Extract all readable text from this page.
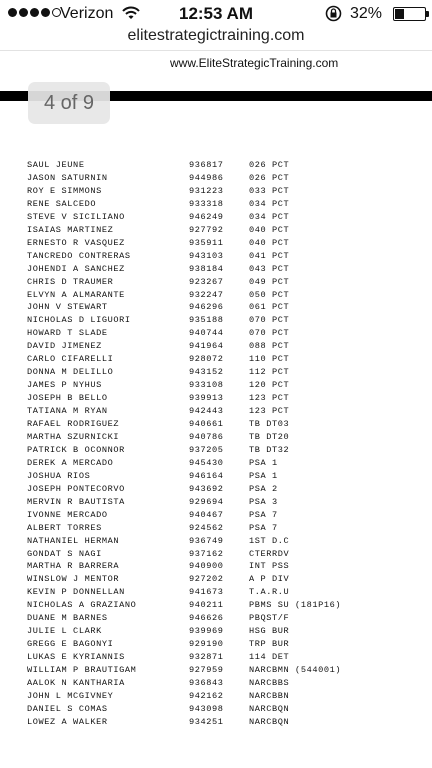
Verizon	12:53 AM	32%
elitestrategictraining.com
www.EliteStrategicTraining.com
4 of 9
SAUL JEUNE	936817	026 PCT
JASON SATURNIN	944986	026 PCT
ROY E SIMMONS	931223	033 PCT
RENE SALCEDO	933318	034 PCT
STEVE V SICILIANO	946249	034 PCT
ISAIAS MARTINEZ	927792	040 PCT
ERNESTO R VASQUEZ	935911	040 PCT
TANCREDO CONTRERAS	943103	041 PCT
JOHENDI A SANCHEZ	938184	043 PCT
CHRIS D TRAUMER	923267	049 PCT
ELVYN A ALMARANTE	932247	050 PCT
JOHN V STEWART	946296	061 PCT
NICHOLAS D LIGUORI	935188	070 PCT
HOWARD T SLADE	940744	070 PCT
DAVID JIMENEZ	941964	088 PCT
CARLO CIFARELLI	928072	110 PCT
DONNA M DELILLO	943152	112 PCT
JAMES P NYHUS	933108	120 PCT
JOSEPH B BELLO	939913	123 PCT
TATIANA M RYAN	942443	123 PCT
RAFAEL RODRIGUEZ	940661	TB DT03
MARTHA SZURNICKI	940786	TB DT20
PATRICK B OCONNOR	937205	TB DT32
DEREK A MERCADO	945430	PSA 1
JOSHUA RIOS	946164	PSA 1
JOSEPH PONTECORVO	943692	PSA 2
MERVIN R BAUTISTA	929694	PSA 3
IVONNE MERCADO	940467	PSA 7
ALBERT TORRES	924562	PSA 7
NATHANIEL HERMAN	936749	1ST D.C
GONDAT S NAGI	937162	CTERRDV
MARTHA R BARRERA	940900	INT PSS
WINSLOW J MENTOR	927202	A P DIV
KEVIN P DONNELLAN	941673	T.A.R.U
NICHOLAS A GRAZIANO	940211	PBMS SU (181P16)
DUANE M BARNES	946626	PBQST/F
JULIE L CLARK	939969	HSG BUR
GREGG E BAGONYI	929190	TRP BUR
LUKAS E KYRIANNIS	932871	114 DET
WILLIAM P BRAUTIGAM	927959	NARCBMN (544001)
AALOK N KANTHARIA	936843	NARCBBS
JOHN L MCGIVNEY	942162	NARCBBN
DANIEL S COMAS	943098	NARCBQN
LOWEZ A WALKER	934251	NARCBQN
